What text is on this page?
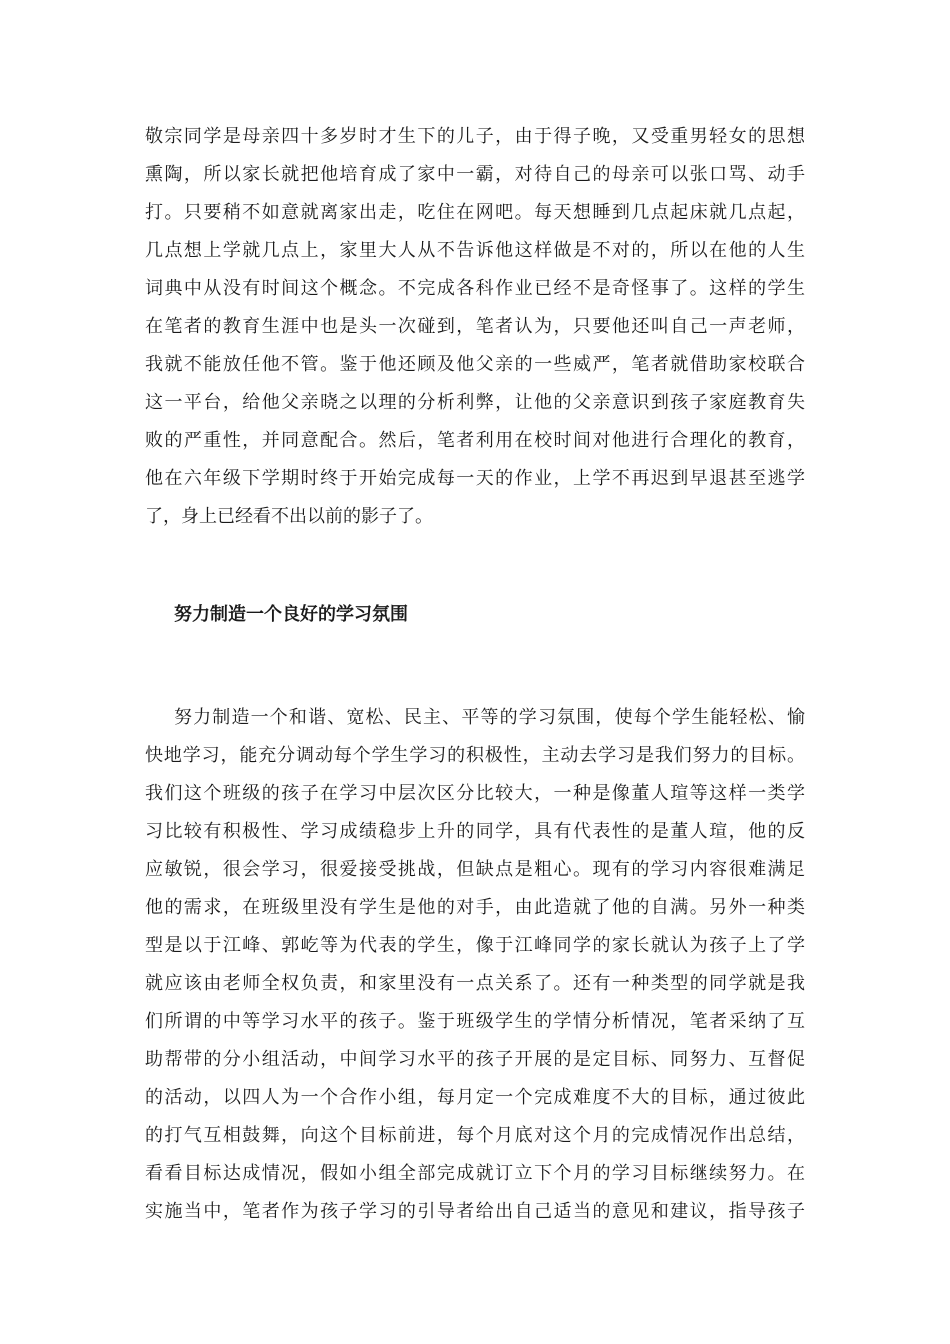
敬宗同学是母亲四十多岁时才生下的儿子，由于得子晚，又受重男轻女的思想

熏陶，所以家长就把他培育成了家中一霸，对待自己的母亲可以张口骂、动手

打。只要稍不如意就离家出走，吃住在网吧。每天想睡到几点起床就几点起，

几点想上学就几点上，家里大人从不告诉他这样做是不对的，所以在他的人生

词典中从没有时间这个概念。不完成各科作业已经不是奇怪事了。这样的学生

在笔者的教育生涯中也是头一次碰到，笔者认为，只要他还叫自己一声老师，

我就不能放任他不管。鉴于他还顾及他父亲的一些威严，笔者就借助家校联合

这一平台，给他父亲晓之以理的分析利弊，让他的父亲意识到孩子家庭教育失

败的严重性，并同意配合。然后，笔者利用在校时间对他进行合理化的教育，

他在六年级下学期时终于开始完成每一天的作业，上学不再迟到早退甚至逃学

了，身上已经看不出以前的影子了。

努力制造一个良好的学习氛围

努力制造一个和谐、宽松、民主、平等的学习氛围，使每个学生能轻松、愉

快地学习，能充分调动每个学生学习的积极性，主动去学习是我们努力的目标。

我们这个班级的孩子在学习中层次区分比较大，一种是像董人瑄等这样一类学

习比较有积极性、学习成绩稳步上升的同学，具有代表性的是董人瑄，他的反

应敏锐，很会学习，很爱接受挑战，但缺点是粗心。现有的学习内容很难满足

他的需求，在班级里没有学生是他的对手，由此造就了他的自满。另外一种类

型是以于江峰、郭屹等为代表的学生，像于江峰同学的家长就认为孩子上了学

就应该由老师全权负责，和家里没有一点关系了。还有一种类型的同学就是我

们所谓的中等学习水平的孩子。鉴于班级学生的学情分析情况，笔者采纳了互

助帮带的分小组活动，中间学习水平的孩子开展的是定目标、同努力、互督促

的活动，以四人为一个合作小组，每月定一个完成难度不大的目标，通过彼此

的打气互相鼓舞，向这个目标前进，每个月底对这个月的完成情况作出总结，

看看目标达成情况，假如小组全部完成就订立下个月的学习目标继续努力。在

实施当中，笔者作为孩子学习的引导者给出自己适当的意见和建议，指导孩子
